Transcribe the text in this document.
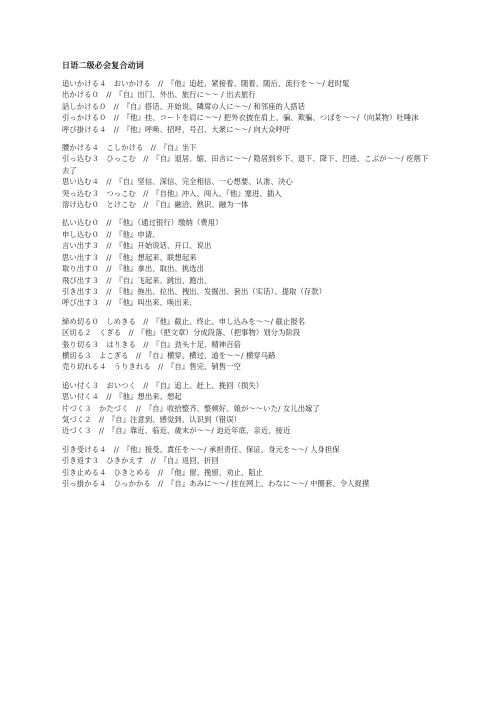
日语二级必会复合动词
追いかける４　おいかける　//　『他』追赶、紧接着、随着、随后、流行を～～/ 赶时髦
出かける０　//　『自』出门、外出、旅行に～～ / 出去旅行
話しかける０　//　『自』搭话、开始说、隣席の人に～～/ 和邻座的人搭话
引っかける０　//　『他』挂、コートを肩に～～/ 把外衣披在肩上、骗、欺骗、つばを～～/（向某物）吐唾沫
呼び掛ける４　//　『他』呼唤、招呼、号召、大衆に～～/ 向大众呼吁
腰かける４　こしかける　//　『自』坐下
引っ込む３　ひっこむ　//　『自』退居、缩、田舎に～～/ 隐居到乡下、退下、降下、凹进、こぶが～～/ 疙瘩下去了
思い込む４　//　『自』坚信、深信、完全相信、一心想要、认准、决心
突っ込む３　つっこむ　//　『自他』冲入、闯入、『他』塞进、插入
溶け込む０　とけこむ　//　『自』融洽、熟识、融为一体
払い込む０　//　『他』（通过银行）缴纳（费用）
申し込む０　//　『他』申请、
言い出す３　//　『他』开始说话、开口、说出
思い出す３　//　『他』想起来、联想起来
取り出す０　//　『他』拿出、取出、挑选出
飛び出す３　//　『自』飞起来、跳出、跑出、
引き出す３　//　『他』拖出、拉出、拽出、发掘出、套出（实话）、提取（存款）
呼び出す３　//　『他』叫出来、唤出来、
締め切る０　しめきる　//　『他』截止、终止、申し込みを～～/ 截止报名
区切る２　くぎる　//　『他』（把文章）分成段落、（把事物）划分为阶段
張り切る３　はりきる　//　『自』劲头十足、精神百倍
横切る３　よこぎる　//　『自』横穿、横过、道を～～/ 横穿马路
売り切れる４　うりきれる　//　『自』售完、销售一空
追い付く３　おいつく　//　『自』追上、赶上、挽回（损失）
思い付く４　//　『他』想出来、想起
片づく３　かたづく　//　『自』收拾整齐、整顿好、娘が～～いた/ 女儿出嫁了
気づく２　//　『自』注意到、感觉到、认识到（错误）
近づく３　//　『自』靠近、临近、歳末が～～/ 迫近年底、亲近、接近
引き受ける４　//　『他』接受、責任を～～/ 承担责任、保证、身元を～～/ 人身担保
引き返す３　ひきかえす　//　『自』返回、折回
引き止める４　ひきとめる　//　『他』留、挽留、劝止、阻止
引っ掛かる４　ひっかかる　//　『自』あみに～～/ 挂在网上、わなに～～/ 中圈套、令人捉摸
